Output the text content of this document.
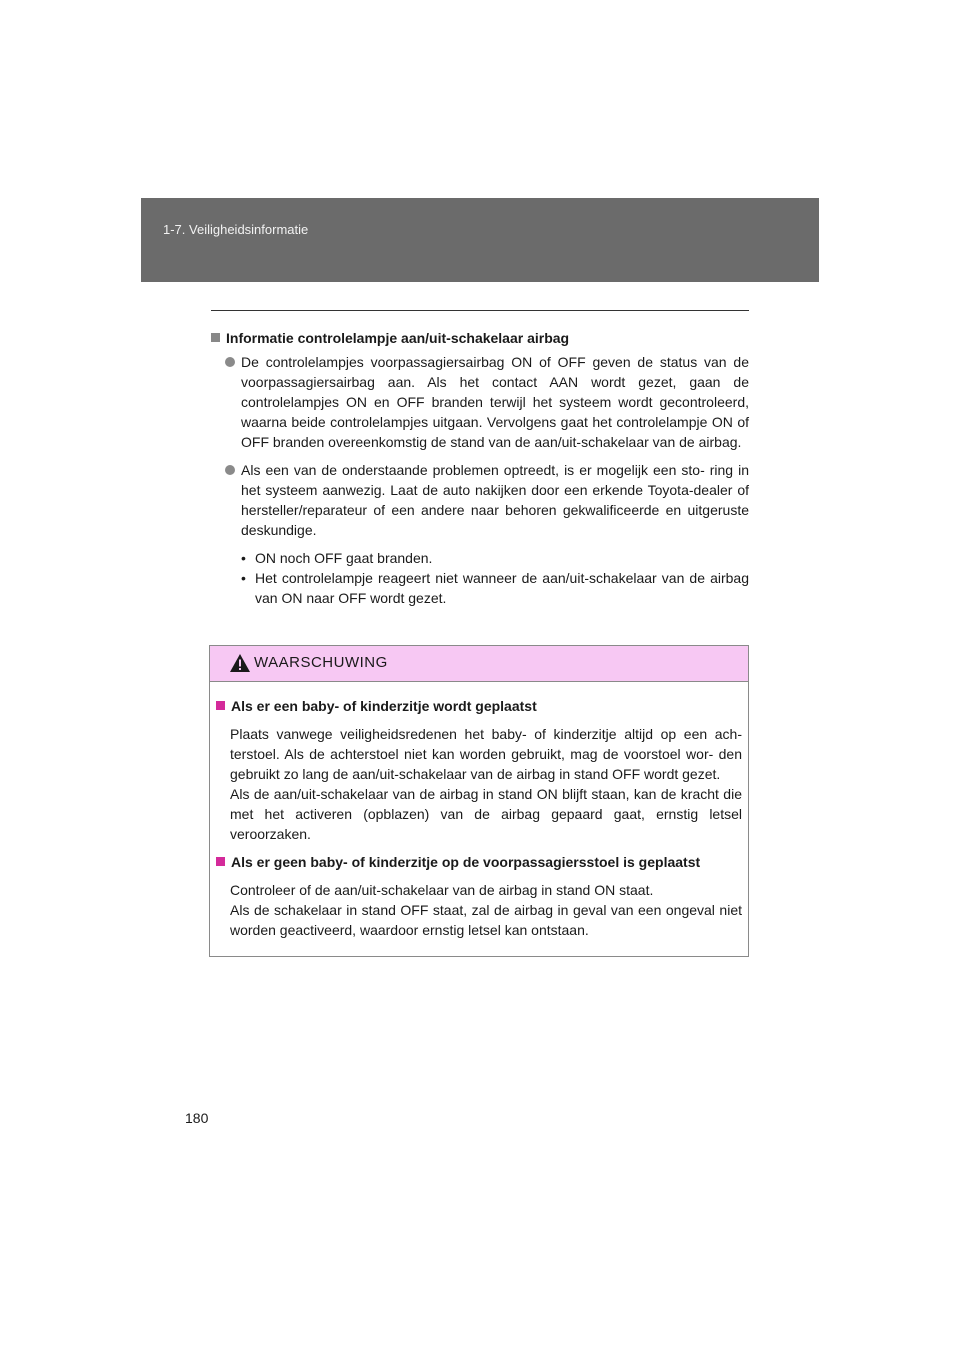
1-7. Veiligheidsinformatie
Informatie controlelampje aan/uit-schakelaar airbag
De controlelampjes voorpassagiersairbag ON of OFF geven de status van de voorpassagiersairbag aan. Als het contact AAN wordt gezet, gaan de controlelampjes ON en OFF branden terwijl het systeem wordt gecontroleerd, waarna beide controlelampjes uitgaan. Vervolgens gaat het controlelampje ON of OFF branden overeenkomstig de stand van de aan/uit-schakelaar van de airbag.
Als een van de onderstaande problemen optreedt, is er mogelijk een sto- ring in het systeem aanwezig. Laat de auto nakijken door een erkende Toyota-dealer of hersteller/reparateur of een andere naar behoren gekwalificeerde en uitgeruste deskundige.
• ON noch OFF gaat branden.
• Het controlelampje reageert niet wanneer de aan/uit-schakelaar van de airbag van ON naar OFF wordt gezet.
WAARSCHUWING
Als er een baby- of kinderzitje wordt geplaatst
Plaats vanwege veiligheidsredenen het baby- of kinderzitje altijd op een ach- terstoel. Als de achterstoel niet kan worden gebruikt, mag de voorstoel wor- den gebruikt zo lang de aan/uit-schakelaar van de airbag in stand OFF wordt gezet.
Als de aan/uit-schakelaar van de airbag in stand ON blijft staan, kan de kracht die met het activeren (opblazen) van de airbag gepaard gaat, ernstig letsel veroorzaken.
Als er geen baby- of kinderzitje op de voorpassagiersstoel is geplaatst
Controleer of de aan/uit-schakelaar van de airbag in stand ON staat.
Als de schakelaar in stand OFF staat, zal de airbag in geval van een ongeval niet worden geactiveerd, waardoor ernstig letsel kan ontstaan.
180
